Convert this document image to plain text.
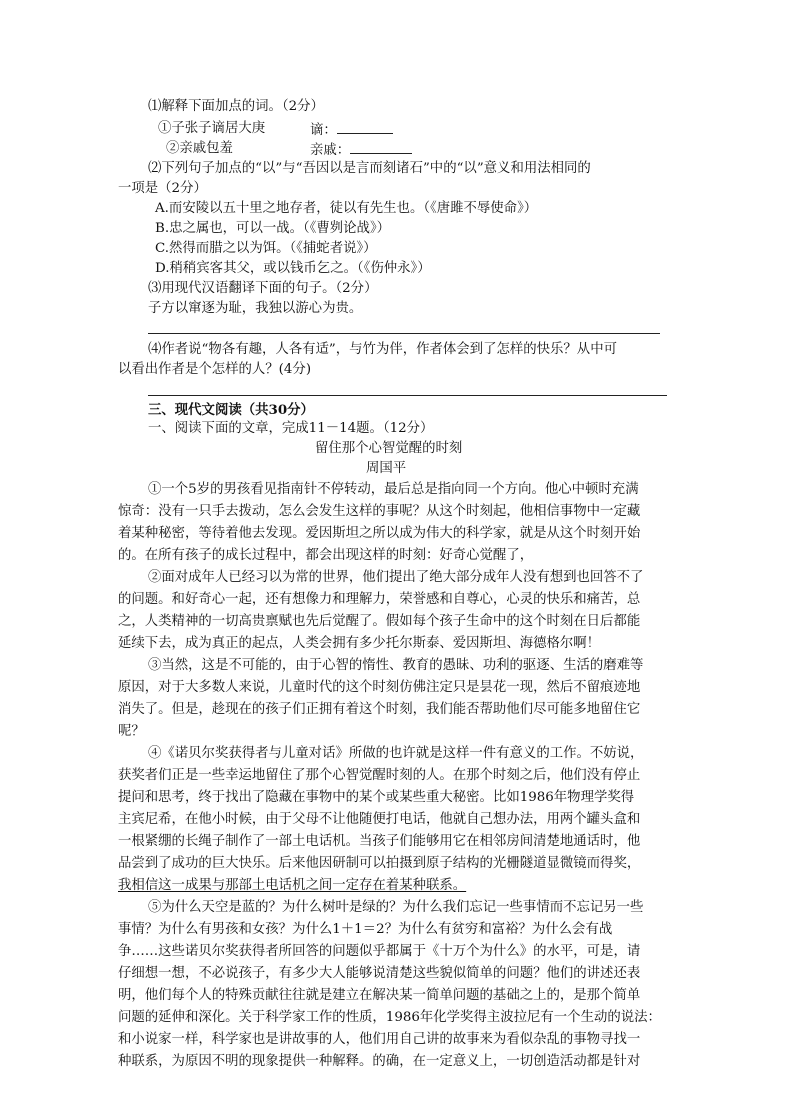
⑴解释下面加点的词。（2分）
①子张子谪居大庚	谪：
②亲戚包羞	亲戚：
⑵下列句子加点的“以”与“吾因以是言而刻诸石”中的“以”意义和用法相同的
一项是（2分）
A.而安陵以五十里之地存者，徒以有先生也。（《唐雎不辱使命》）
B.忠之属也，可以一战。（《曹刿论战》）
C.然得而腊之以为饵。（《捕蛇者说》）
D.稍稍宾客其父，或以钱币乞之。（《伤仲永》）
⑶用现代汉语翻译下面的句子。（2分）
子方以窜逐为耻，我独以游心为贵。
⑷作者说“物各有趣，人各有适”，与竹为伴，作者体会到了怎样的快乐？从中可
以看出作者是个怎样的人？(4分)
三、现代文阅读（共30分）
一、阅读下面的文章，完成11－14题。（12分）
留住那个心智觉醒的时刻
周国平
①一个5岁的男孩看见指南针不停转动，最后总是指向同一个方向。他心中顿时充满
惊奇：没有一只手去拨动，怎么会发生这样的事呢？从这个时刻起，他相信事物中一定藏
着某种秘密，等待着他去发现。爱因斯坦之所以成为伟大的科学家，就是从这个时刻开始
的。在所有孩子的成长过程中，都会出现这样的时刻：好奇心觉醒了，
②面对成年人已经习以为常的世界，他们提出了绝大部分成年人没有想到也回答不了
的问题。和好奇心一起，还有想像力和理解力，荣誉感和自尊心，心灵的快乐和痛苦，总
之，人类精神的一切高贵禀赋也先后觉醒了。假如每个孩子生命中的这个时刻在日后都能
延续下去，成为真正的起点，人类会拥有多少托尔斯泰、爱因斯坦、海德格尔啊！
③当然，这是不可能的，由于心智的惰性、教育的愚昧、功利的驱逐、生活的磨难等
原因，对于大多数人来说，儿童时代的这个时刻仿佛注定只是昙花一现，然后不留痕迹地
消失了。但是，趁现在的孩子们正拥有着这个时刻，我们能否帮助他们尽可能多地留住它
呢？
④《诺贝尔奖获得者与儿童对话》所做的也许就是这样一件有意义的工作。不妨说，
获奖者们正是一些幸运地留住了那个心智觉醒时刻的人。在那个时刻之后，他们没有停止
提问和思考，终于找出了隐藏在事物中的某个或某些重大秘密。比如1986年物理学奖得
主宾尼希，在他小时候，由于父母不让他随便打电话，他就自己想办法，用两个罐头盒和
一根紧绷的长绳子制作了一部土电话机。当孩子们能够用它在相邻房间清楚地通话时，他
品尝到了成功的巨大快乐。后来他因研制可以拍摄到原子结构的光栅隧道显微镜而得奖，
我相信这一成果与那部土电话机之间一定存在着某种联系。
⑤为什么天空是蓝的？为什么树叶是绿的？为什么我们忘记一些事情而不忘记另一些
事情？为什么有男孩和女孩？为什么1＋1＝2？为什么有贫穷和富裕？为什么会有战
争……这些诺贝尔奖获得者所回答的问题似乎都属于《十万个为什么》的水平，可是，请
仔细想一想，不必说孩子，有多少大人能够说清楚这些貌似简单的问题？他们的讲述还表
明，他们每个人的特殊贡献往往就是建立在解决某一简单问题的基础之上的，是那个简单
问题的延伸和深化。关于科学家工作的性质，1986年化学奖得主波拉尼有一个生动的说法：
和小说家一样，科学家也是讲故事的人，他们用自己讲的故事来为看似杂乱的事物寻找一
种联系，为原因不明的现象提供一种解释。的确，在一定意义上，一切创造活动都是针对
